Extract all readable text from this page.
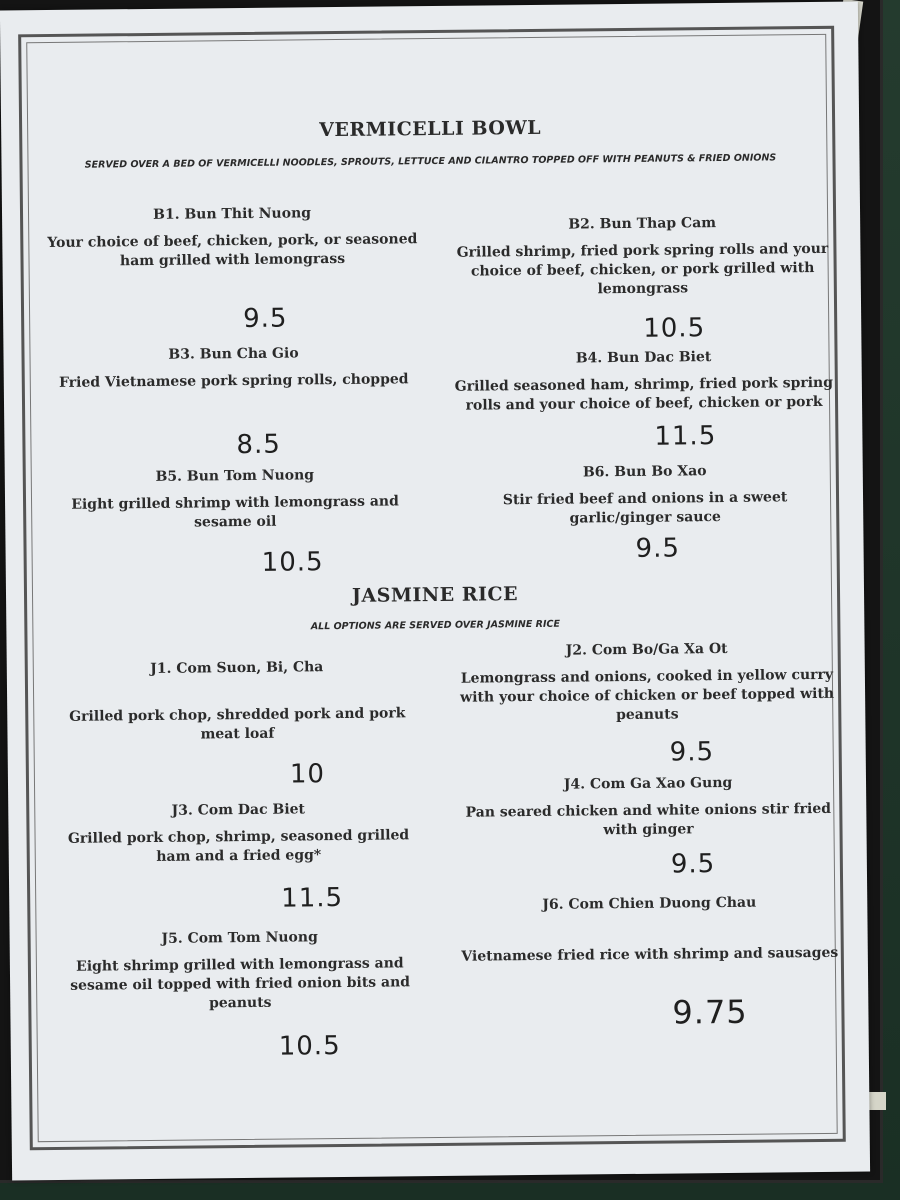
VERMICELLI BOWL
SERVED OVER A BED OF VERMICELLI NOODLES, SPROUTS, LETTUCE AND CILANTRO TOPPED OFF WITH PEANUTS & FRIED ONIONS
B1. Bun Thit Nuong
Your choice of beef, chicken, pork, or seasoned ham grilled with lemongrass
9.5
B2. Bun Thap Cam
Grilled shrimp, fried pork spring rolls and your choice of beef, chicken, or pork grilled with lemongrass
10.5
B3. Bun Cha Gio
Fried Vietnamese pork spring rolls, chopped
8.5
B4. Bun Dac Biet
Grilled seasoned ham, shrimp, fried pork spring rolls and your choice of beef, chicken or pork
11.5
B5. Bun Tom Nuong
Eight grilled shrimp with lemongrass and sesame oil
10.5
B6. Bun Bo Xao
Stir fried beef and onions in a sweet garlic/ginger sauce
9.5
JASMINE RICE
ALL OPTIONS ARE SERVED OVER JASMINE RICE
J1. Com Suon, Bi, Cha
Grilled pork chop, shredded pork and pork meat loaf
10
J2. Com Bo/Ga Xa Ot
Lemongrass and onions, cooked in yellow curry with your choice of chicken or beef topped with peanuts
9.5
J3. Com Dac Biet
Grilled pork chop, shrimp, seasoned grilled ham and a fried egg*
11.5
J4. Com Ga Xao Gung
Pan seared chicken and white onions stir fried with ginger
9.5
J5. Com Tom Nuong
Eight shrimp grilled with lemongrass and sesame oil topped with fried onion bits and peanuts
10.5
J6. Com Chien Duong Chau
Vietnamese fried rice with shrimp and sausages
9.75
